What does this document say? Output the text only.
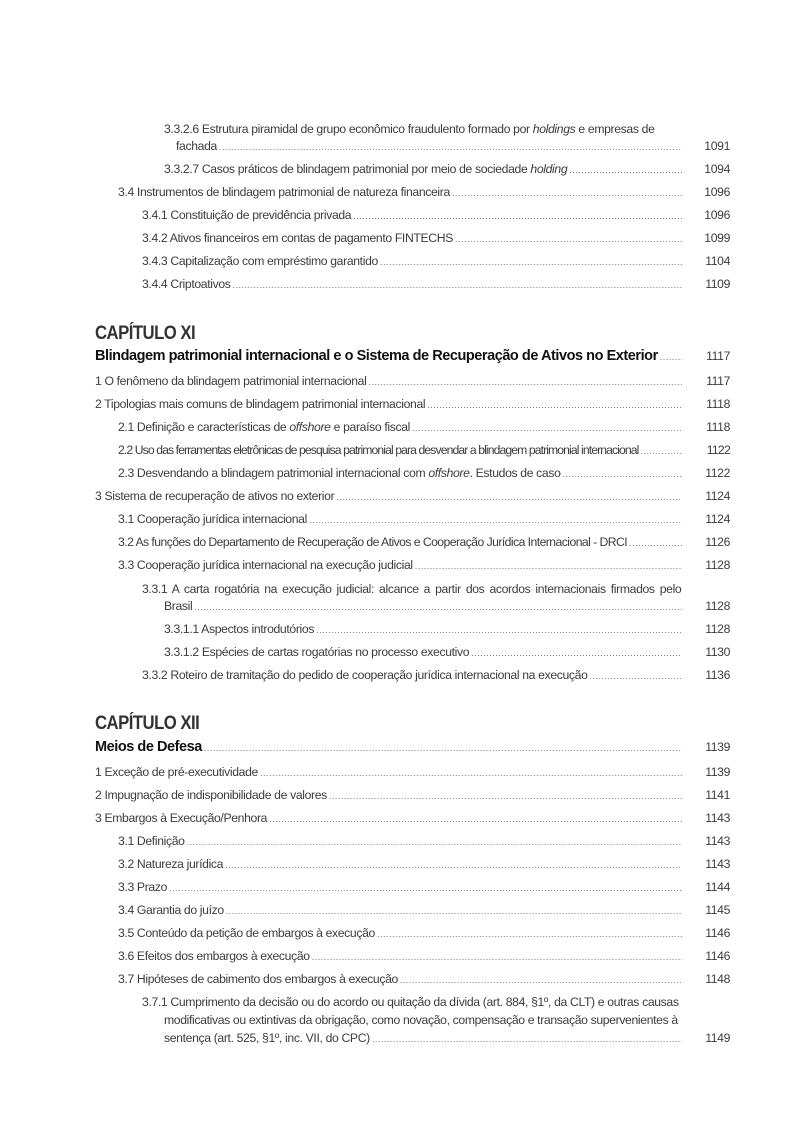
3.3.2.6 Estrutura piramidal de grupo econômico fraudulento formado por holdings e empresas de
fachada .....	1091
3.3.2.7 Casos práticos de blindagem patrimonial por meio de sociedade holding .....	1094
3.4 Instrumentos de blindagem patrimonial de natureza financeira .....	1096
3.4.1 Constituição de previdência privada .....	1096
3.4.2 Ativos financeiros em contas de pagamento FINTECHS .....	1099
3.4.3 Capitalização com empréstimo garantido .....	1104
3.4.4 Criptoativos .....	1109
CAPÍTULO XI
Blindagem patrimonial internacional e o Sistema de Recuperação de Ativos no Exterior .....	1117
1 O fenômeno da blindagem patrimonial internacional .....	1117
2 Tipologias mais comuns de blindagem patrimonial internacional .....	1118
2.1 Definição e características de offshore e paraíso fiscal .....	1118
2.2 Uso das ferramentas eletrônicas de pesquisa patrimonial para desvendar a blindagem patrimonial internacional .....	1122
2.3 Desvendando a blindagem patrimonial internacional com offshore. Estudos de caso .....	1122
3 Sistema de recuperação de ativos no exterior .....	1124
3.1 Cooperação jurídica internacional .....	1124
3.2 As funções do Departamento de Recuperação de Ativos e Cooperação Jurídica Internacional - DRCI .....	1126
3.3 Cooperação jurídica internacional na execução judicial .....	1128
3.3.1 A carta rogatória na execução judicial: alcance a partir dos acordos internacionais firmados pelo
Brasil .....	1128
3.3.1.1 Aspectos introdutórios .....	1128
3.3.1.2 Espécies de cartas rogatórias no processo executivo .....	1130
3.3.2 Roteiro de tramitação do pedido de cooperação jurídica internacional na execução .....	1136
CAPÍTULO XII
Meios de Defesa .....	1139
1 Exceção de pré-executividade .....	1139
2 Impugnação de indisponibilidade de valores .....	1141
3 Embargos à Execução/Penhora .....	1143
3.1 Definição .....	1143
3.2 Natureza jurídica .....	1143
3.3 Prazo .....	1144
3.4 Garantia do juízo .....	1145
3.5 Conteúdo da petição de embargos à execução .....	1146
3.6 Efeitos dos embargos à execução .....	1146
3.7 Hipóteses de cabimento dos embargos à execução .....	1148
3.7.1 Cumprimento da decisão ou do acordo ou quitação da dívida (art. 884, §1º, da CLT) e outras causas
modificativas ou extintivas da obrigação, como novação, compensação e transação supervenientes à
sentença (art. 525, §1º, inc. VII, do CPC) .....	1149
